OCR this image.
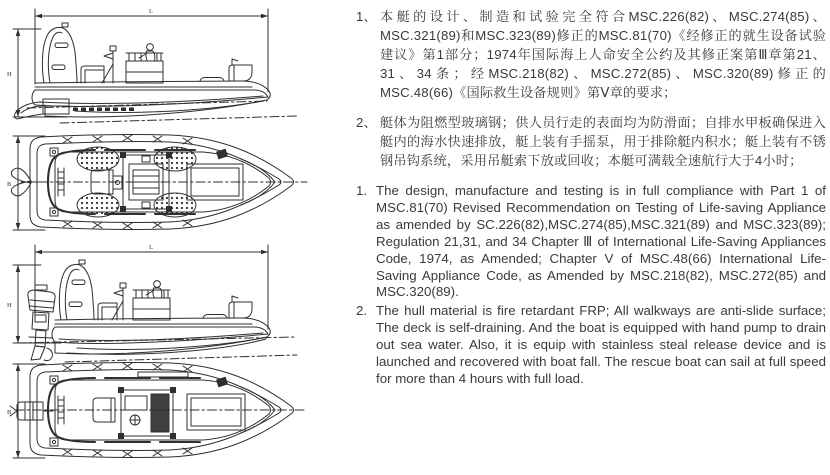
L
H
B
L
H
B
1、 本艇的设计、制造和试验完全符合MSC.226(82)、MSC.274(85)、MSC.321(89)和MSC.323(89)修正的MSC.81(70)《经修正的就生设备试验建议》第1部分；1974年国际海上人命安全公约及其修正案第Ⅲ章第21、31、34条；经MSC.218(82)、MSC.272(85)、MSC.320(89)修正的MSC.48(66)《国际救生设备规则》第Ⅴ章的要求；
2、 艇体为阻燃型玻璃钢；供人员行走的表面均为防滑面；自排水甲板确保进入艇内的海水快速排放，艇上装有手摇泵，用于排除艇内积水；艇上装有不锈钢吊钩系统，采用吊艇索下放或回收；本艇可满载全速航行大于4小时；
1. The design, manufacture and testing is in full compliance with Part 1 of MSC.81(70) Revised Recommendation on Testing of Life-saving Appliance as amended by SC.226(82),MSC.274(85),MSC.321(89) and MSC.323(89); Regulation 21,31, and 34 Chapter Ⅲ of International Life-Saving Appliances Code, 1974, as Amended; Chapter V of MSC.48(66) International Life-Saving Appliance Code, as Amended by MSC.218(82), MSC.272(85) and MSC.320(89).
2. The hull material is fire retardant FRP; All walkways are anti-slide surface; The deck is self-draining. And the boat is equipped with hand pump to drain out sea water. Also, it is equip with stainless steal release device and is launched and recovered with boat fall. The rescue boat can sail at full speed for more than 4 hours with full load.
